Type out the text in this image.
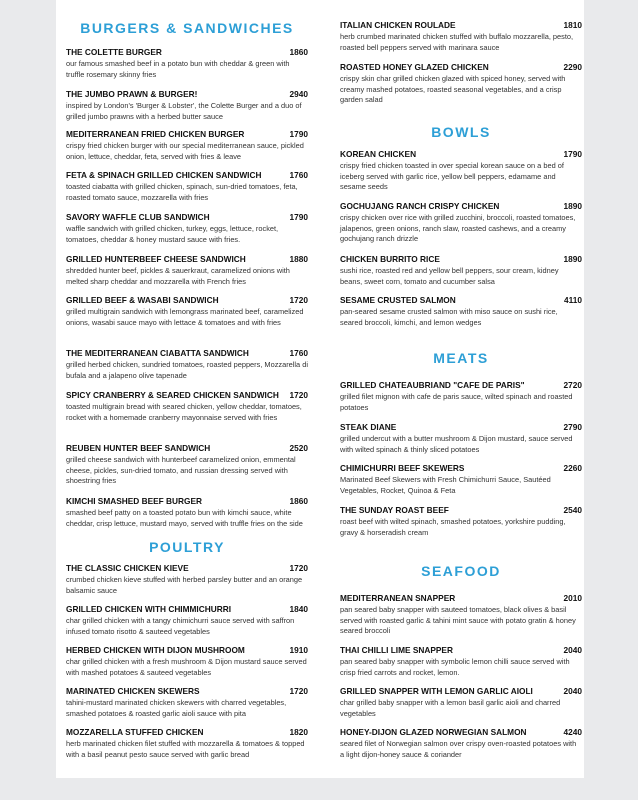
BURGERS & SANDWICHES
THE COLETTE BURGER	1860
our famous smashed beef in a potato bun with cheddar & green with truffle rosemary skinny fries
THE JUMBO PRAWN & BURGER!	2940
inspired by London's 'Burger & Lobster', the Colette Burger and a duo of grilled jumbo prawns with a herbed butter sauce
MEDITERRANEAN FRIED CHICKEN BURGER	1790
crispy fried chicken burger with our special mediterranean sauce, pickled onion, lettuce, cheddar, feta, served with fries & leave
FETA & SPINACH GRILLED CHICKEN SANDWICH	1760
toasted ciabatta with grilled chicken, spinach, sun-dried tomatoes, feta, roasted tomato sauce, mozzarella with fries
SAVORY WAFFLE CLUB SANDWICH	1790
waffle sandwich with grilled chicken, turkey, eggs, lettuce, rocket, tomatoes, cheddar & honey mustard sauce with fries.
GRILLED HUNTERBEEF CHEESE SANDWICH	1880
shredded hunter beef, pickles & sauerkraut, caramelized onions with melted sharp cheddar and mozzarella with French fries
GRILLED BEEF & WASABI SANDWICH	1720
grilled multigrain sandwich with lemongrass marinated beef, caramelized onions, wasabi sauce mayo with lettace & tomatoes and with fries
THE MEDITERRANEAN CIABATTA SANDWICH	1760
grilled herbed chicken, sundried tomatoes, roasted peppers, Mozzarella di bufala and a jalapeno olive tapenade
SPICY CRANBERRY & SEARED CHICKEN SANDWICH	1720
toasted multigrain bread with seared chicken, yellow cheddar, tomatoes, rocket with a homemade cranberry mayonnaise served with fries
REUBEN HUNTER BEEF SANDWICH	2520
grilled cheese sandwich with hunterbeef caramelized onion, emmental cheese, pickles, sun-dried tomato, and russian dressing served with shoestring fries
KIMCHI SMASHED BEEF BURGER	1860
smashed beef patty on a toasted potato bun with kimchi sauce, white cheddar, crisp lettuce, mustard mayo, served with truffle fries on the side
POULTRY
THE CLASSIC CHICKEN KIEVE	1720
crumbed chicken kieve stuffed with herbed parsley butter and an orange balsamic sauce
GRILLED CHICKEN WITH CHIMMICHURRI	1840
char grilled chicken with a tangy chimichurri sauce served with saffron infused tomato risotto & sauteed vegetables
HERBED CHICKEN WITH DIJON MUSHROOM	1910
char grilled chicken with a fresh mushroom & Dijon mustard sauce served with mashed potatoes & sauteed vegetables
MARINATED CHICKEN SKEWERS	1720
tahini-mustard marinated chicken skewers with charred vegetables, smashed potatoes & roasted garlic aioli sauce with pita
MOZZARELLA STUFFED CHICKEN	1820
herb marinated chicken filet stuffed with mozzarella & tomatoes & topped with a basil peanut pesto sauce served with garlic bread
ITALIAN CHICKEN ROULADE	1810
herb crumbed marinated chicken stuffed with buffalo mozzarella, pesto, roasted bell peppers served with marinara sauce
ROASTED HONEY GLAZED CHICKEN	2290
crispy skin char grilled chicken glazed with spiced honey, served with creamy mashed potatoes, roasted seasonal vegetables, and a crisp garden salad
BOWLS
KOREAN CHICKEN	1790
crispy fried chicken toasted in over special korean sauce on a bed of iceberg served with garlic rice, yellow bell peppers, edamame and sesame seeds
GOCHUJANG RANCH CRISPY CHICKEN	1890
crispy chicken over rice with grilled zucchini, broccoli, roasted tomatoes, jalapenos, green onions, ranch slaw, roasted cashews, and a creamy gochujang ranch drizzle
CHICKEN BURRITO RICE	1890
sushi rice, roasted red and yellow bell peppers, sour cream, kidney beans, sweet corn, tomato and cucumber salsa
SESAME CRUSTED SALMON	4110
pan-seared sesame crusted salmon with miso sauce on sushi rice, seared broccoli, kimchi, and lemon wedges
MEATS
GRILLED CHATEAUBRIAND "CAFE DE PARIS"	2720
grilled filet mignon with cafe de paris sauce, wilted spinach and roasted potatoes
STEAK DIANE	2790
grilled undercut with a butter mushroom & Dijon mustard, sauce served with wilted spinach & thinly sliced potatoes
CHIMICHURRI BEEF SKEWERS	2260
Marinated Beef Skewers with Fresh Chimichurri Sauce, Sautéed Vegetables, Rocket, Quinoa & Feta
THE SUNDAY ROAST BEEF	2540
roast beef with wilted spinach, smashed potatoes, yorkshire pudding, gravy & horseradish cream
SEAFOOD
MEDITERRANEAN SNAPPER	2010
pan seared baby snapper with sauteed tomatoes, black olives & basil served with roasted garlic & tahini mint sauce with potato gratin & honey seared broccoli
THAI CHILLI LIME SNAPPER	2040
pan seared baby snapper with symbolic lemon chilli sauce served with crisp fried carrots and rocket, lemon.
GRILLED SNAPPER WITH LEMON GARLIC AIOLI	2040
char grilled baby snapper with a lemon basil garlic aioli and charred vegetables
HONEY-DIJON GLAZED NORWEGIAN SALMON	4240
seared filet of Norwegian salmon over crispy oven-roasted potatoes with a light dijon-honey sauce & coriander
